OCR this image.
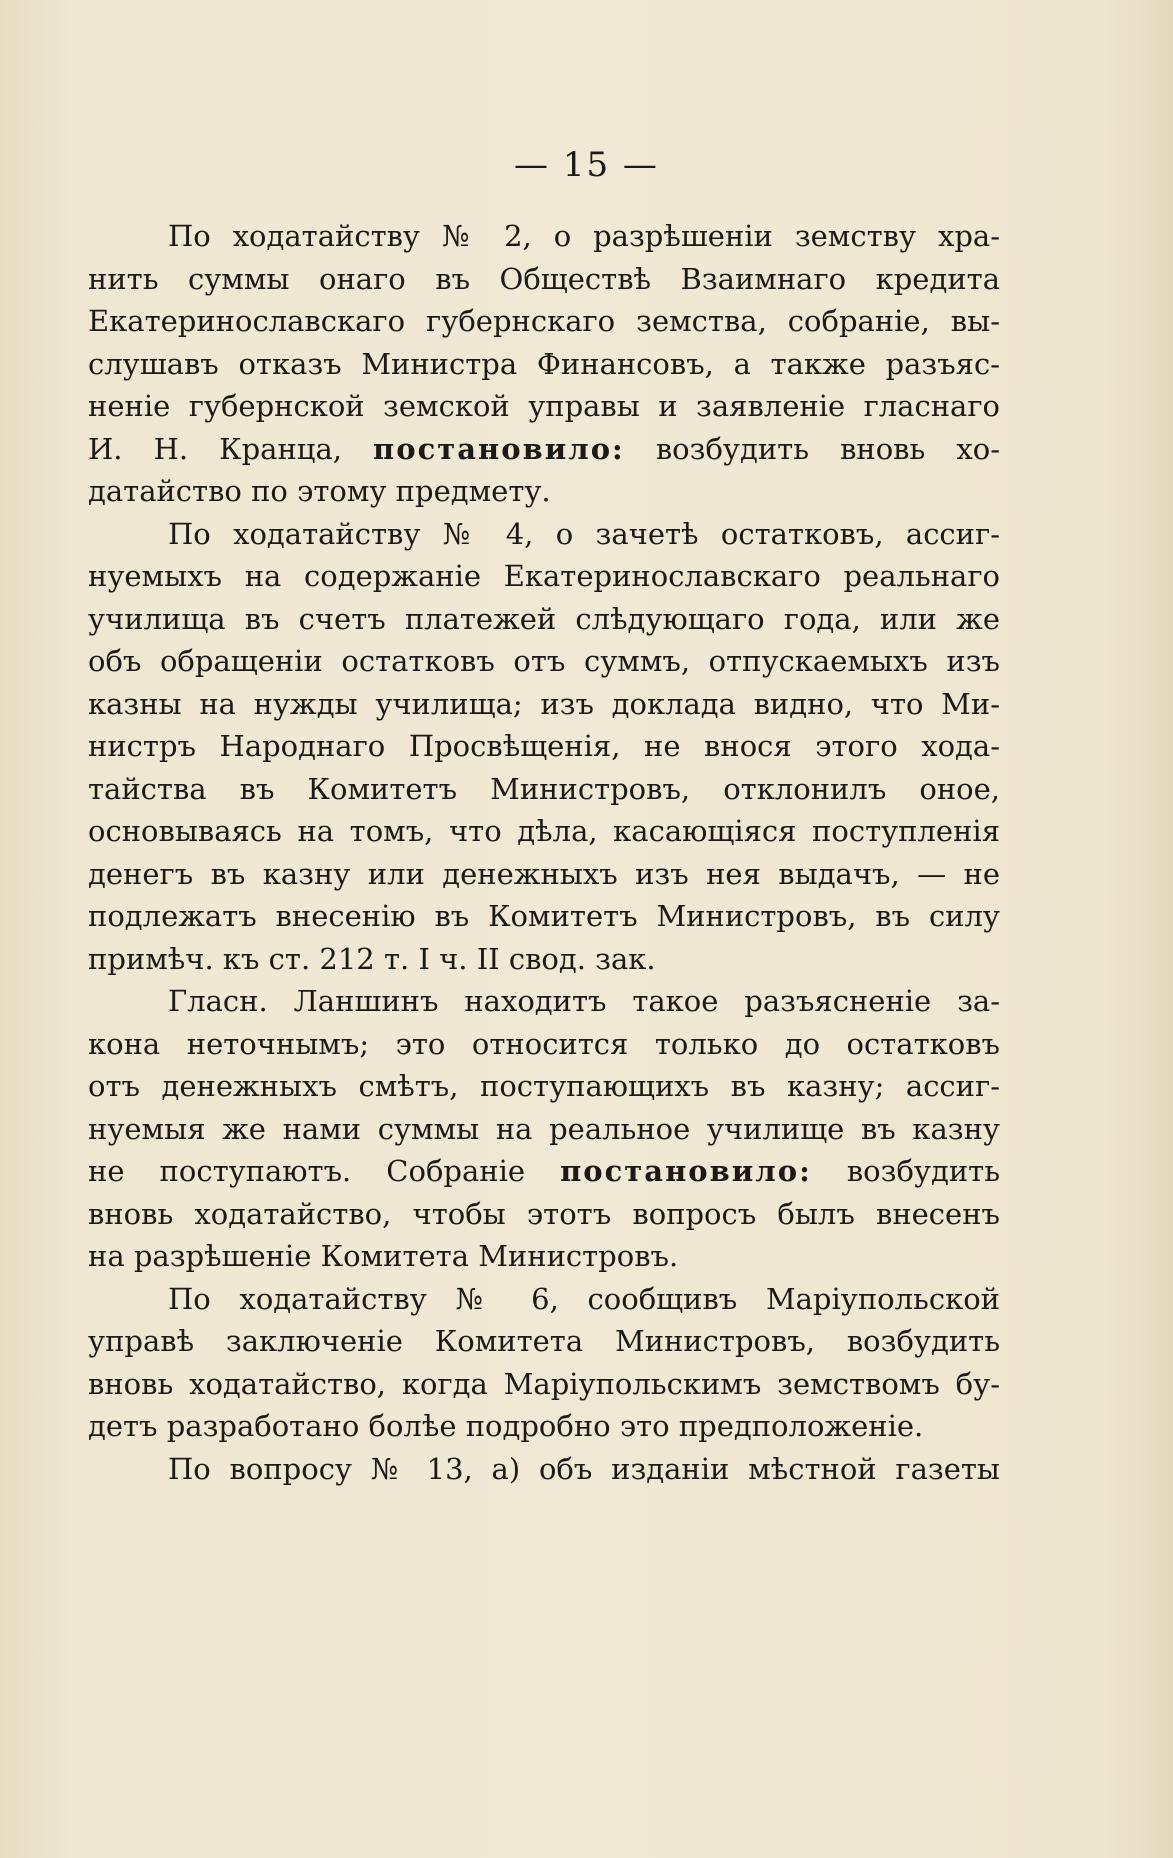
— 15 —
По ходатайству № 2, о разрѣшеніи земству хра-
нить суммы онаго въ Обществѣ Взаимнаго кредита
Екатеринославскаго губернскаго земства, собраніе, вы-
слушавъ отказъ Министра Финансовъ, а также разъяс-
неніе губернской земской управы и заявленіе гласнаго
И. Н. Кранца, постановило: возбудить вновь хо-
датайство по этому предмету.
По ходатайству № 4, о зачетѣ остатковъ, ассиг-
нуемыхъ на содержаніе Екатеринославскаго реальнаго
училища въ счетъ платежей слѣдующаго года, или же
объ обращеніи остатковъ отъ суммъ, отпускаемыхъ изъ
казны на нужды училища; изъ доклада видно, что Ми-
нистръ Народнаго Просвѣщенія, не внося этого хода-
тайства въ Комитетъ Министровъ, отклонилъ оное,
основываясь на томъ, что дѣла, касающіяся поступленія
денегъ въ казну или денежныхъ изъ нея выдачъ, — не
подлежатъ внесенію въ Комитетъ Министровъ, въ силу
примѣч. къ ст. 212 т. I ч. II свод. зак.
Гласн. Ланшинъ находитъ такое разъясненіе за-
кона неточнымъ; это относится только до остатковъ
отъ денежныхъ смѣтъ, поступающихъ въ казну; ассиг-
нуемыя же нами суммы на реальное училище въ казну
не поступаютъ. Собраніе постановило: возбудить
вновь ходатайство, чтобы этотъ вопросъ былъ внесенъ
на разрѣшеніе Комитета Министровъ.
По ходатайству № 6, сообщивъ Маріупольской
управѣ заключеніе Комитета Министровъ, возбудить
вновь ходатайство, когда Маріупольскимъ земствомъ бу-
детъ разработано болѣе подробно это предположеніе.
По вопросу № 13, а) объ изданіи мѣстной газеты
